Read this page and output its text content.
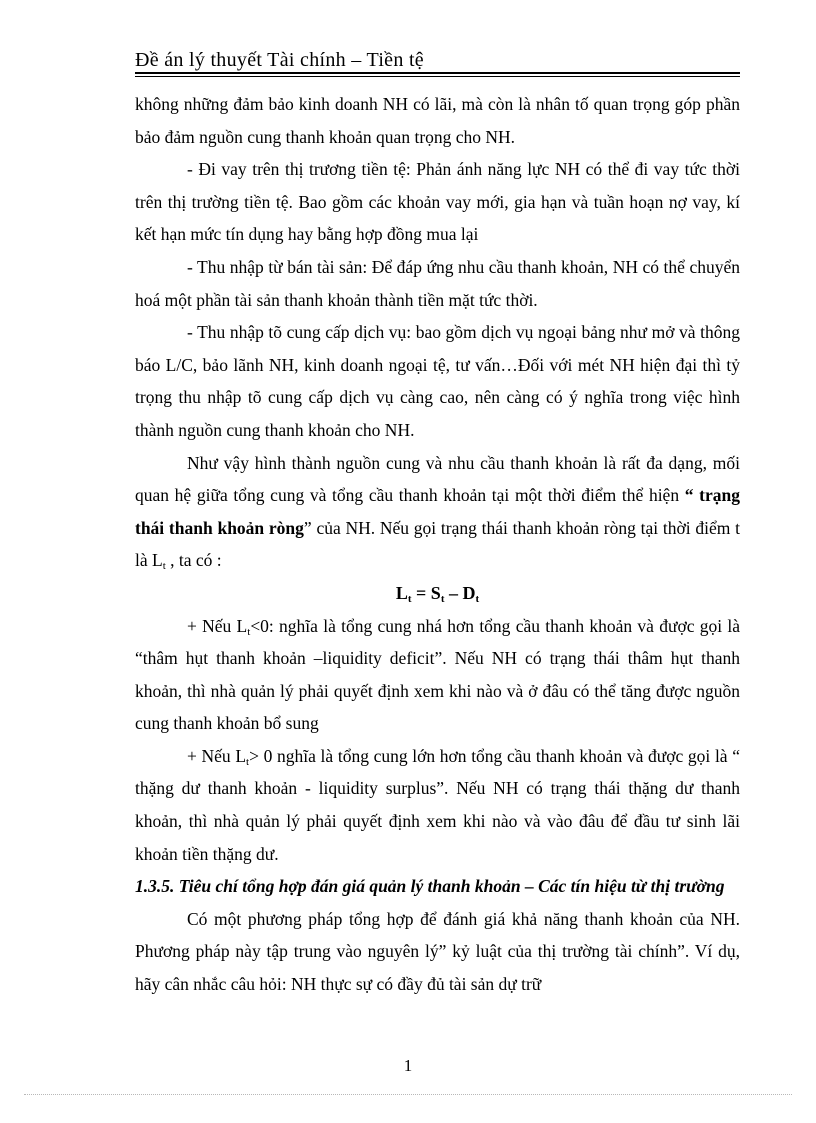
Đề án lý thuyết Tài chính – Tiền tệ

không những đảm bảo kinh doanh NH có lãi, mà còn là nhân tố quan trọng góp phần bảo đảm nguồn cung thanh khoản quan trọng cho NH.

- Đi vay trên thị trương tiền tệ: Phản ánh năng lực NH có thể đi vay tức thời trên thị trường tiền tệ. Bao gồm các khoản vay mới, gia hạn và tuần hoạn nợ vay, kí kết hạn mức tín dụng hay bằng hợp đồng mua lại

- Thu nhập từ bán tài sản: Để đáp ứng nhu cầu thanh khoản, NH có thể chuyển hoá một phần tài sản thanh khoản thành tiền mặt tức thời.

- Thu nhập tõ cung cấp dịch vụ: bao gồm dịch vụ ngoại bảng như mở và thông báo L/C, bảo lãnh NH, kinh doanh ngoại tệ, tư vấn…Đối với mét NH hiện đại thì tỷ trọng thu nhập tõ cung cấp dịch vụ càng cao, nên càng có ý nghĩa trong việc hình thành nguồn cung thanh khoản cho NH.

Như vậy hình thành nguồn cung và nhu cầu thanh khoản là rất đa dạng, mối quan hệ giữa tổng cung và tổng cầu thanh khoản tại một thời điểm thể hiện “ trạng thái thanh khoản ròng” của NH. Nếu gọi trạng thái thanh khoản ròng tại thời điểm t là $L_t$ , ta có :

$L_t = S_t - D_t$

+ Nếu $L_t<0$: nghĩa là tổng cung nhá hơn tổng cầu thanh khoản và được gọi là “thâm hụt thanh khoản –liquidity deficit”. Nếu NH có trạng thái thâm hụt thanh khoản, thì nhà quản lý phải quyết định xem khi nào và ở đâu có thể tăng được nguồn cung thanh khoản bổ sung

+ Nếu $L_t> 0$ nghĩa là tổng cung lớn hơn tổng cầu thanh khoản và được gọi là “ thặng dư thanh khoản - liquidity surplus”. Nếu NH có trạng thái thặng dư thanh khoản, thì nhà quản lý phải quyết định xem khi nào và vào đâu để đầu tư sinh lãi khoản tiền thặng dư.

1.3.5. Tiêu chí tổng hợp đán giá quản lý thanh khoản – Các tín hiệu từ thị trường

Có một phương pháp tổng hợp để đánh giá khả năng thanh khoản của NH. Phương pháp này tập trung vào nguyên lý” kỷ luật của thị trường tài chính”. Ví dụ, hãy cân nhắc câu hỏi: NH thực sự có đầy đủ tài sản dự trữ

1
